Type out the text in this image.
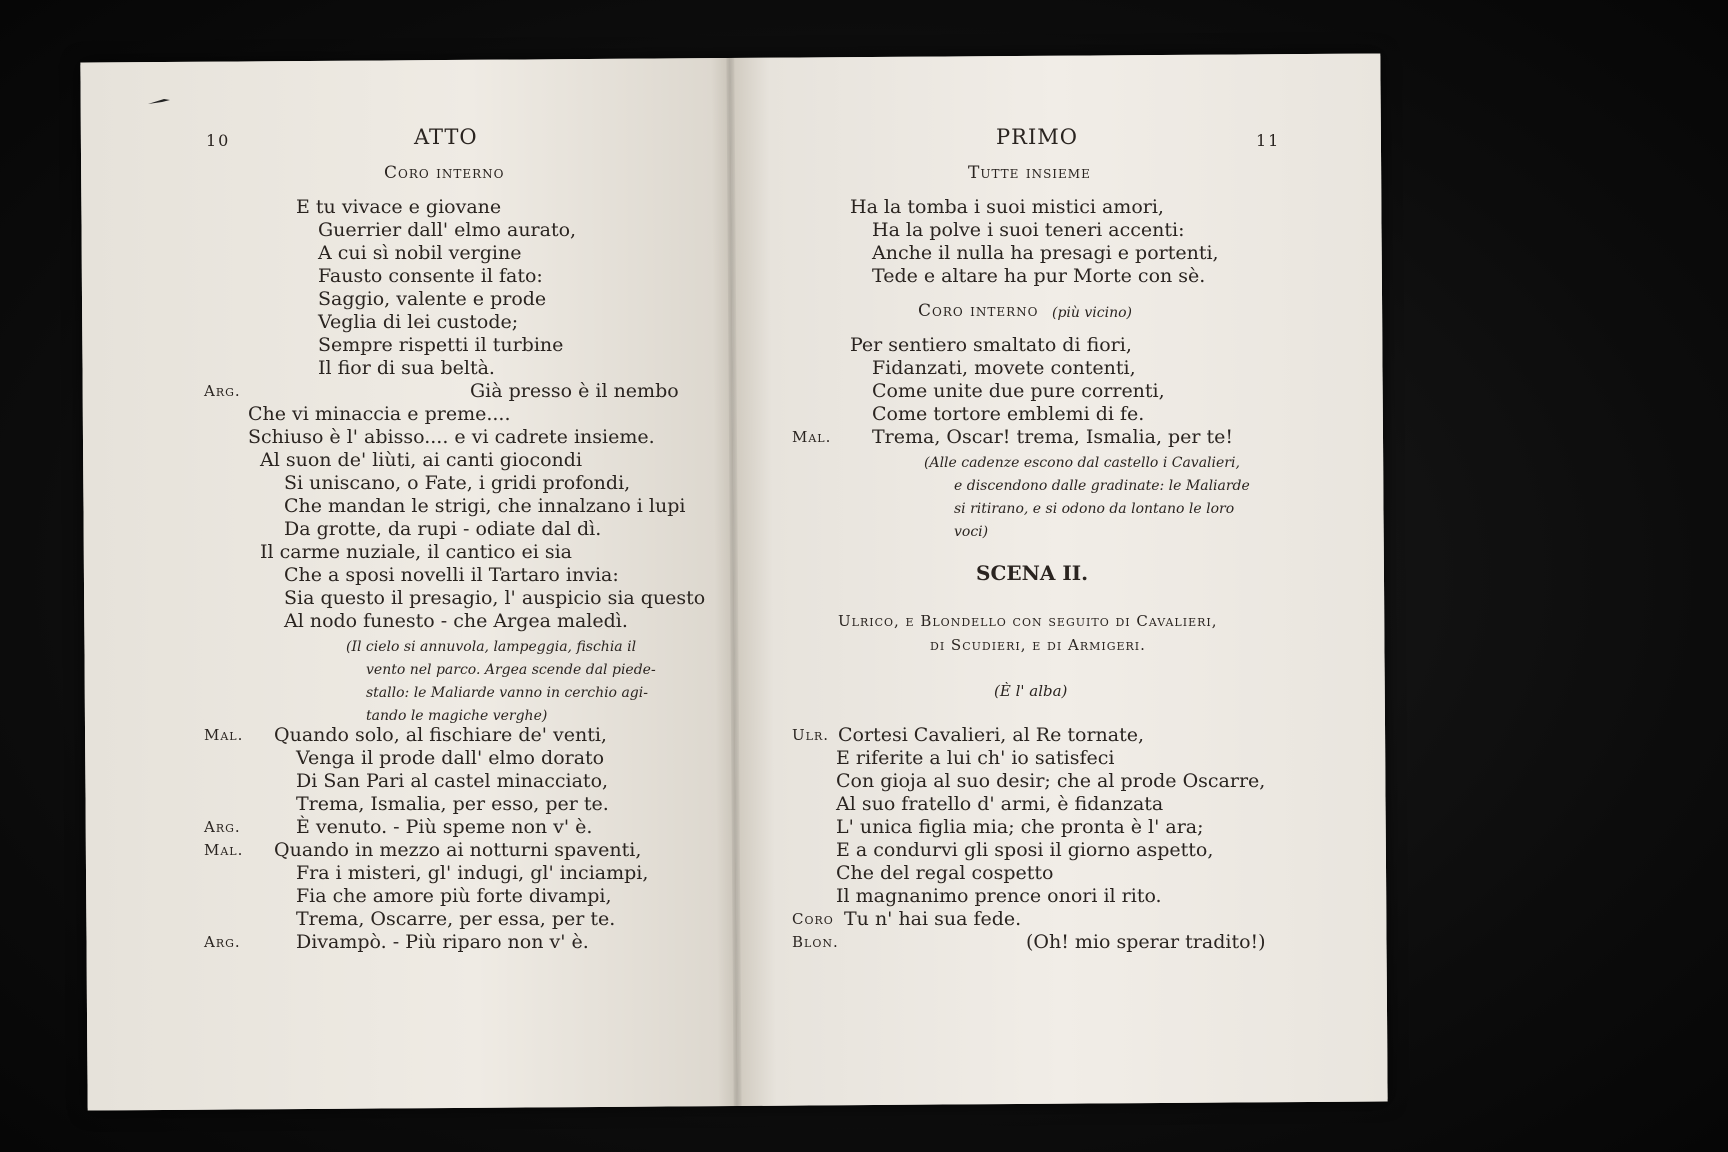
10	ATTO
Coro interno
E tu vivace e giovane
Guerrier dall' elmo aurato,
A cui sì nobil vergine
Fausto consente il fato:
Saggio, valente e prode
Veglia di lei custode;
Sempre rispetti il turbine
Il fior di sua beltà.
Già presso è il nembo
Che vi minaccia e preme....
Schiuso è l' abisso.... e vi cadrete insieme.
Al suon de' liùti, ai canti giocondi
Si uniscano, o Fate, i gridi profondi,
Che mandan le strigi, che innalzano i lupi
Da grotte, da rupi - odiate dal dì.
Il carme nuziale, il cantico ei sia
Che a sposi novelli il Tartaro invia:
Sia questo il presagio, l' auspicio sia questo
Al nodo funesto - che Argea maledì.
Quando solo, al fischiare de' venti,
Venga il prode dall' elmo dorato
Di San Pari al castel minacciato,
Trema, Ismalia, per esso, per te.
È venuto. - Più speme non v' è.
Quando in mezzo ai notturni spaventi,
Fra i misteri, gl' indugi, gl' inciampi,
Fia che amore più forte divampi,
Trema, Oscarre, per essa, per te.
Divampò. - Più riparo non v' è.
Arg.
Mal.
Arg.
Mal.
Arg.
(Il cielo si annuvola, lampeggia, fischia il
vento nel parco. Argea scende dal piede-
stallo: le Maliarde vanno in cerchio agi-
tando le magiche verghe)
PRIMO	11
Tutte insieme
Coro interno (più vicino)
Ha la tomba i suoi mistici amori,
Ha la polve i suoi teneri accenti:
Anche il nulla ha presagi e portenti,
Tede e altare ha pur Morte con sè.
Per sentiero smaltato di fiori,
Fidanzati, movete contenti,
Come unite due pure correnti,
Come tortore emblemi di fe.
Trema, Oscar! trema, Ismalia, per te!
Cortesi Cavalieri, al Re tornate,
E riferite a lui ch' io satisfeci
Con gioja al suo desir; che al prode Oscarre,
Al suo fratello d' armi, è fidanzata
L' unica figlia mia; che pronta è l' ara;
E a condurvi gli sposi il giorno aspetto,
Che del regal cospetto
Il magnanimo prence onori il rito.
Tu n' hai sua fede.
(Oh! mio sperar tradito!)
Mal.
Ulr.
Coro
Blon.
(Alle cadenze escono dal castello i Cavalieri,
e discendono dalle gradinate: le Maliarde
si ritirano, e si odono da lontano le loro
voci)
SCENA II.
Ulrico, e Blondello con seguito di Cavalieri,
di Scudieri, e di Armigeri.
(È l' alba)
